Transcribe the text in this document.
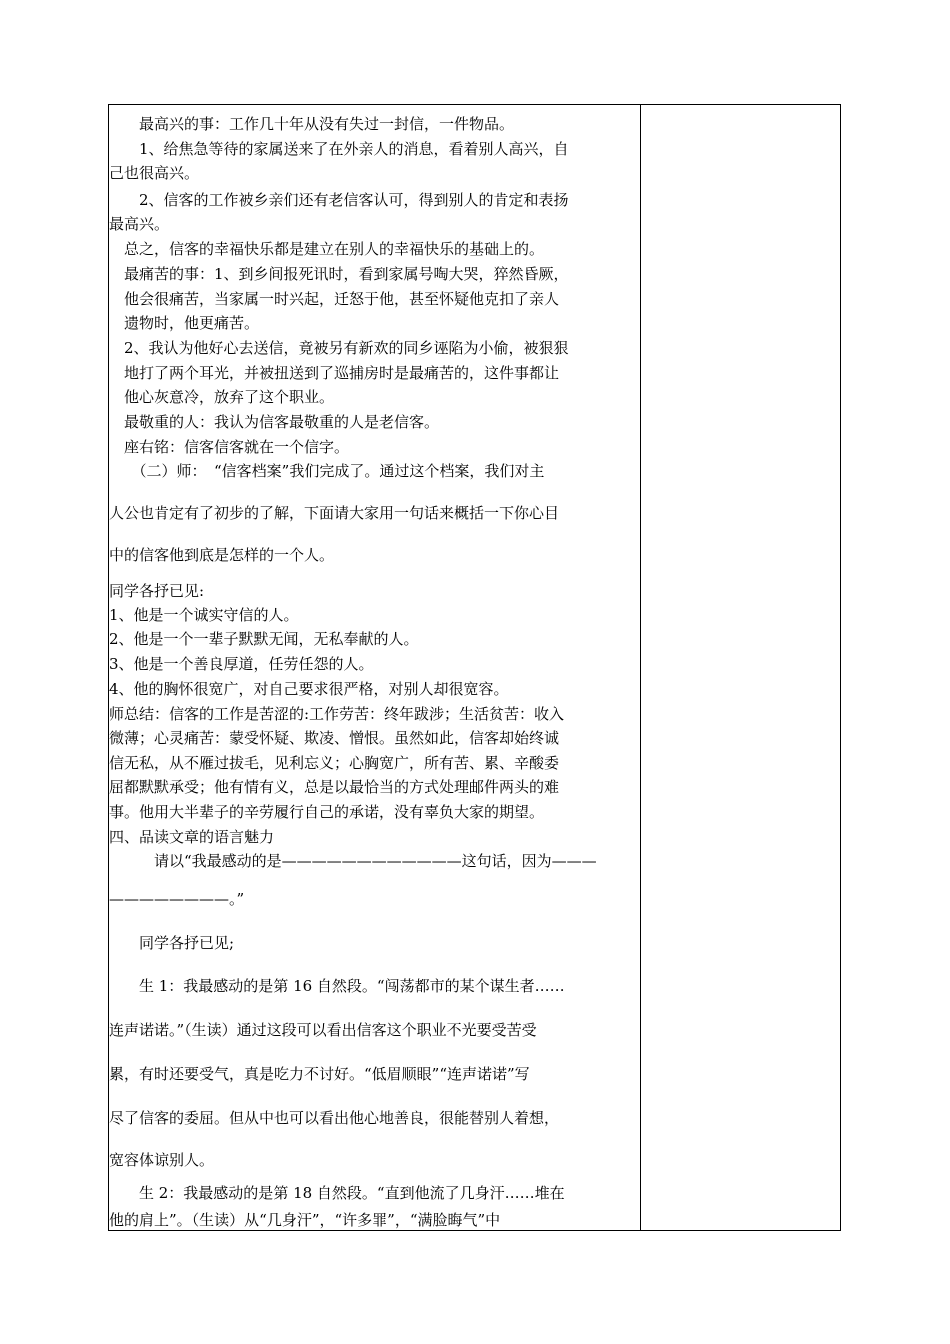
　　最高兴的事：工作几十年从没有失过一封信，一件物品。
　　1、给焦急等待的家属送来了在外亲人的消息，看着别人高兴，自
己也很高兴。
　　2、信客的工作被乡亲们还有老信客认可，得到别人的肯定和表扬
最高兴。
　总之，信客的幸福快乐都是建立在别人的幸福快乐的基础上的。
　最痛苦的事：1、到乡间报死讯时，看到家属号啕大哭，猝然昏厥，
　他会很痛苦，当家属一时兴起，迁怒于他，甚至怀疑他克扣了亲人
　遗物时，他更痛苦。
　2、我认为他好心去送信，竟被另有新欢的同乡诬陷为小偷，被狠狠
　地打了两个耳光，并被扭送到了巡捕房时是最痛苦的，这件事都让
　他心灰意冷，放弃了这个职业。
　最敬重的人：我认为信客最敬重的人是老信客。
　座右铭：信客信客就在一个信字。
　　（二）师：　“信客档案”我们完成了。通过这个档案，我们对主
人公也肯定有了初步的了解，下面请大家用一句话来概括一下你心目
中的信客他到底是怎样的一个人。
同学各抒已见:
1、他是一个诚实守信的人。
2、他是一个一辈子默默无闻，无私奉献的人。
3、他是一个善良厚道，任劳任怨的人。
4、他的胸怀很宽广，对自己要求很严格，对别人却很宽容。
师总结：信客的工作是苦涩的:工作劳苦：终年跋涉；生活贫苦：收入
微薄；心灵痛苦：蒙受怀疑、欺凌、憎恨。虽然如此，信客却始终诚
信无私，从不雁过拔毛，见利忘义；心胸宽广，所有苦、累、辛酸委
屈都默默承受；他有情有义，总是以最恰当的方式处理邮件两头的难
事。他用大半辈子的辛劳履行自己的承诺，没有辜负大家的期望。
四、品读文章的语言魅力
　　　请以“我最感动的是————————————这句话，因为———
————————。”
　　同学各抒已见;
　　生 1：我最感动的是第 16 自然段。“闯荡都市的某个谋生者……
连声诺诺。”（生读）通过这段可以看出信客这个职业不光要受苦受
累，有时还要受气，真是吃力不讨好。“低眉顺眼”“连声诺诺”写
尽了信客的委屈。但从中也可以看出他心地善良，很能替别人着想，
宽容体谅别人。
　　生 2：我最感动的是第 18 自然段。“直到他流了几身汗……堆在
他的肩上”。（生读）从“几身汗”，“许多罪”，“满脸晦气”中
